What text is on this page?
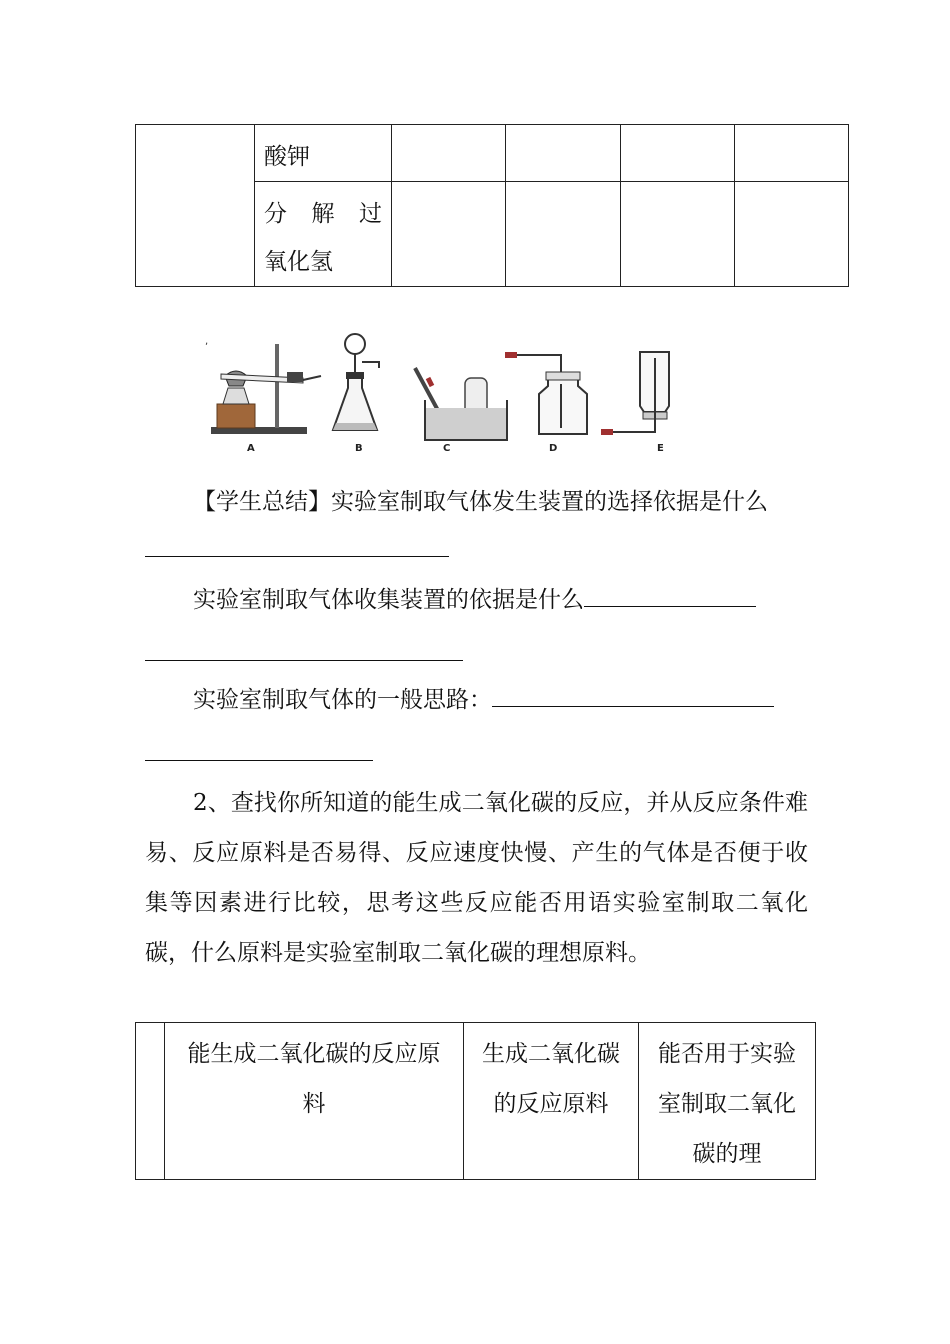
	酸钾				

	分解过
氧化氢				

,
A	B	C	D	E

【学生总结】实验室制取气体发生装置的选择依据是什么

实验室制取气体收集装置的依据是什么

实验室制取气体的一般思路：

2、查找你所知道的能生成二氧化碳的反应，并从反应条件难易、反应原料是否易得、反应速度快慢、产生的气体是否便于收集等因素进行比较，思考这些反应能否用语实验室制取二氧化碳，什么原料是实验室制取二氧化碳的理想原料。

	能生成二氧化碳的反应原料	生成二氧化碳的反应原料	能否用于实验室制取二氧化碳的理
